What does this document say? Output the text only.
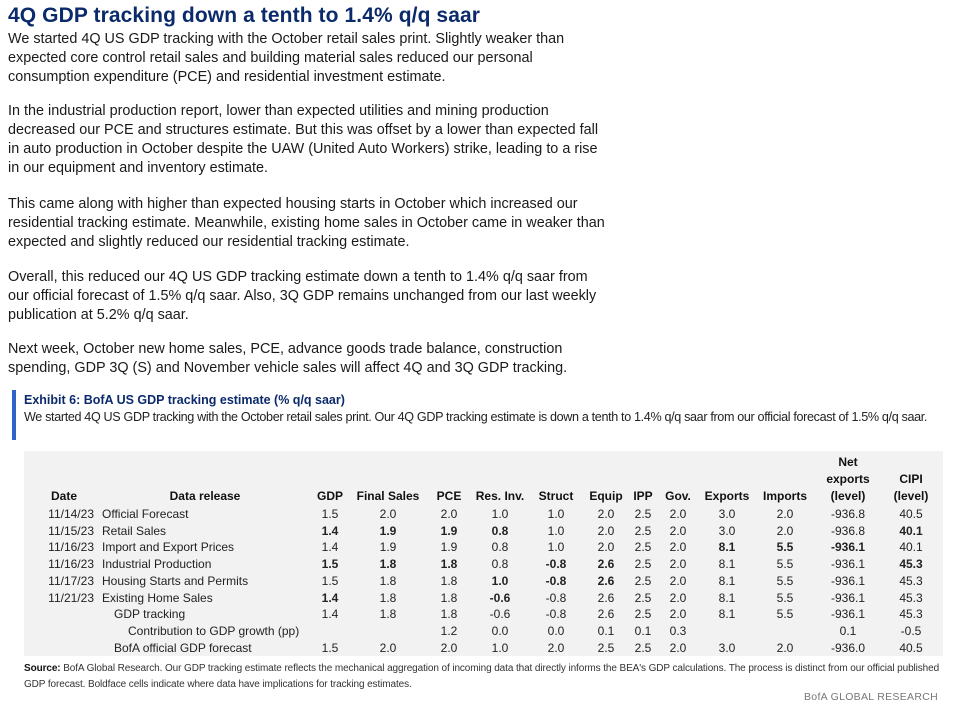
4Q GDP tracking down a tenth to 1.4% q/q saar

We started 4Q US GDP tracking with the October retail sales print. Slightly weaker than expected core control retail sales and building material sales reduced our personal consumption expenditure (PCE) and residential investment estimate.

In the industrial production report, lower than expected utilities and mining production decreased our PCE and structures estimate. But this was offset by a lower than expected fall in auto production in October despite the UAW (United Auto Workers) strike, leading to a rise in our equipment and inventory estimate.

This came along with higher than expected housing starts in October which increased our residential tracking estimate. Meanwhile, existing home sales in October came in weaker than expected and slightly reduced our residential tracking estimate.

Overall, this reduced our 4Q US GDP tracking estimate down a tenth to 1.4% q/q saar from our official forecast of 1.5% q/q saar. Also, 3Q GDP remains unchanged from our last weekly publication at 5.2% q/q saar.

Next week, October new home sales, PCE, advance goods trade balance, construction spending, GDP 3Q (S) and November vehicle sales will affect 4Q and 3Q GDP tracking.

Exhibit 6: BofA US GDP tracking estimate (% q/q saar)
We started 4Q US GDP tracking with the October retail sales print. Our 4Q GDP tracking estimate is down a tenth to 1.4% q/q saar from our official forecast of 1.5% q/q saar.
Date	Data release	GDP	Final Sales	PCE	Res. Inv.	Struct	Equip	IPP	Gov.	Exports	Imports	Net
exports
(level)	CIPI
(level)
11/14/23	Official Forecast	1.5	2.0	2.0	1.0	1.0	2.0	2.5	2.0	3.0	2.0	-936.8	40.5
11/15/23	Retail Sales	1.4	1.9	1.9	0.8	1.0	2.0	2.5	2.0	3.0	2.0	-936.8	40.1
11/16/23	Import and Export Prices	1.4	1.9	1.9	0.8	1.0	2.0	2.5	2.0	8.1	5.5	-936.1	40.1
11/16/23	Industrial Production	1.5	1.8	1.8	0.8	-0.8	2.6	2.5	2.0	8.1	5.5	-936.1	45.3
11/17/23	Housing Starts and Permits	1.5	1.8	1.8	1.0	-0.8	2.6	2.5	2.0	8.1	5.5	-936.1	45.3
11/21/23	Existing Home Sales	1.4	1.8	1.8	-0.6	-0.8	2.6	2.5	2.0	8.1	5.5	-936.1	45.3
	GDP tracking	1.4	1.8	1.8	-0.6	-0.8	2.6	2.5	2.0	8.1	5.5	-936.1	45.3
	Contribution to GDP growth (pp)			1.2	0.0	0.0	0.1	0.1	0.3			0.1	-0.5
	BofA official GDP forecast	1.5	2.0	2.0	1.0	2.0	2.5	2.5	2.0	3.0	2.0	-936.0	40.5
Source: BofA Global Research. Our GDP tracking estimate reflects the mechanical aggregation of incoming data that directly informs the BEA's GDP calculations. The process is distinct from our official published GDP forecast. Boldface cells indicate where data have implications for tracking estimates.
BofA GLOBAL RESEARCH
